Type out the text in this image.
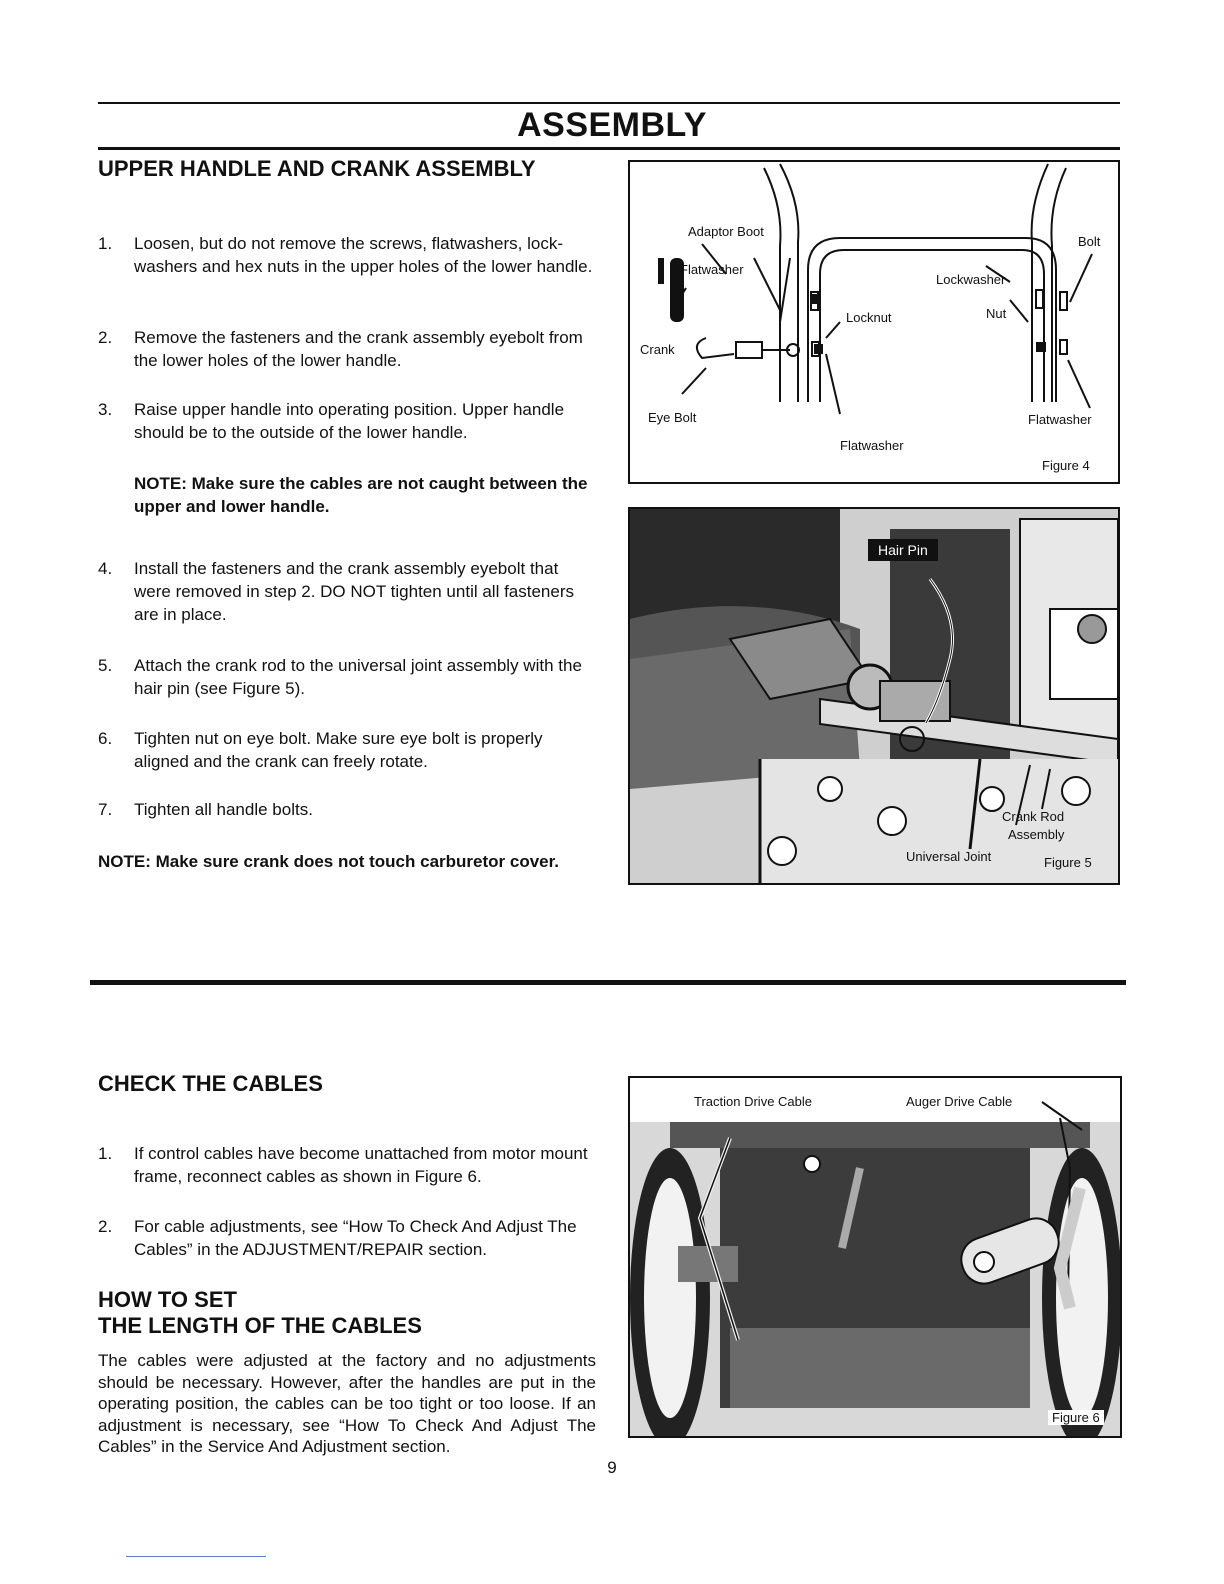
ASSEMBLY
UPPER HANDLE AND CRANK ASSEMBLY
1. Loosen, but do not remove the screws, flatwashers, lock-washers and hex nuts in the upper holes of the lower handle.
2. Remove the fasteners and the crank assembly eyebolt from the lower holes of the lower handle.
3. Raise upper handle into operating position. Upper handle should be to the outside of the lower handle.
NOTE: Make sure the cables are not caught between the upper and lower handle.
4. Install the fasteners and the crank assembly eyebolt that were removed in step 2. DO NOT tighten until all fasteners are in place.
5. Attach the crank rod to the universal joint assembly with the hair pin (see Figure 5).
6. Tighten nut on eye bolt. Make sure eye bolt is properly aligned and the crank can freely rotate.
7. Tighten all handle bolts.
NOTE: Make sure crank does not touch carburetor cover.
Adaptor Boot
Flatwasher
Crank
Eye Bolt
Locknut
Flatwasher
Lockwasher
Nut
Bolt
Flatwasher
Figure 4
Hair Pin
Crank Rod
Assembly
Universal Joint	Figure 5
CHECK THE CABLES
1. If control cables have become unattached from motor mount frame, reconnect cables as shown in Figure 6.
2. For cable adjustments, see “How To Check And Adjust The Cables” in the ADJUSTMENT/REPAIR section.
HOW TO SET
THE LENGTH OF THE CABLES
The cables were adjusted at the factory and no adjustments should be necessary. However, after the handles are put in the operating position, the cables can be too tight or too loose. If an adjustment is necessary, see “How To Check And Adjust The Cables” in the Service And Adjustment section.
Traction Drive Cable	Auger Drive Cable
Figure 6
9
